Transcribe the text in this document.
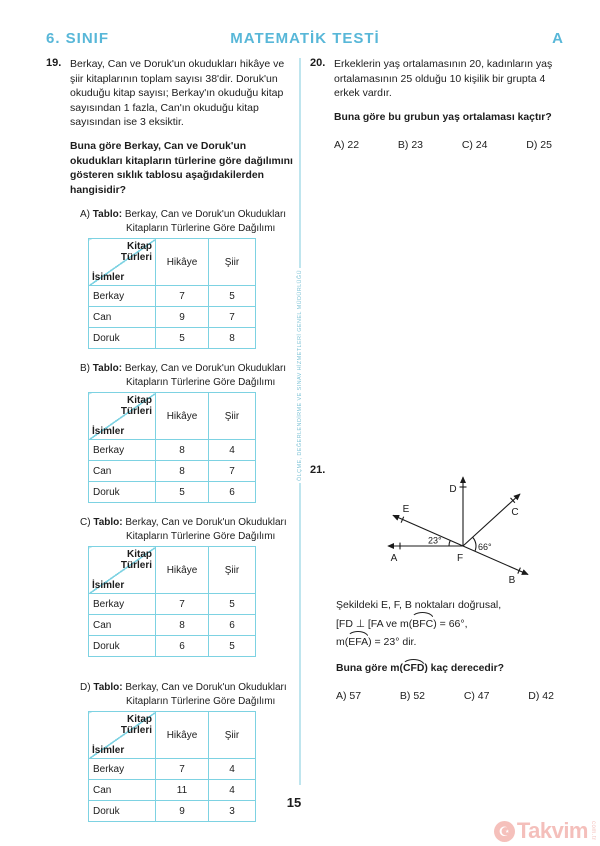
6. SINIF	MATEMATİK TESTİ	A
ÖLÇME, DEĞERLENDİRME VE SINAV HİZMETLERİ GENEL MÜDÜRLÜĞÜ
19. Berkay, Can ve Doruk'un okudukları hikâye ve şiir kitaplarının toplam sayısı 38'dir. Doruk'un okuduğu kitap sayısı; Berkay'ın okuduğu kitap sayısından 1 fazla, Can'ın okuduğu kitap sayısından ise 3 eksiktir.
Buna göre Berkay, Can ve Doruk'un okudukları kitapların türlerine göre dağılımını gösteren sıklık tablosu aşağıdakilerden hangisidir?
A) Tablo: Berkay, Can ve Doruk'un Okudukları
Kitapların Türlerine Göre Dağılımı
Kitap Türleri
İsimler	Hikâye	Şiir
Berkay	7	5
Can	9	7
Doruk	5	8
B) Tablo: Berkay, Can ve Doruk'un Okudukları
Kitapların Türlerine Göre Dağılımı
Kitap Türleri
İsimler	Hikâye	Şiir
Berkay	8	4
Can	8	7
Doruk	5	6
C) Tablo: Berkay, Can ve Doruk'un Okudukları
Kitapların Türlerine Göre Dağılımı
Kitap Türleri
İsimler	Hikâye	Şiir
Berkay	7	5
Can	8	6
Doruk	6	5
D) Tablo: Berkay, Can ve Doruk'un Okudukları
Kitapların Türlerine Göre Dağılımı
Kitap Türleri
İsimler	Hikâye	Şiir
Berkay	7	4
Can	11	4
Doruk	9	3
20. Erkeklerin yaş ortalamasının 20, kadınların yaş ortalamasının 25 olduğu 10 kişilik bir grupta 4 erkek vardır.
Buna göre bu grubun yaş ortalaması kaçtır?
A) 22	B) 23	C) 24	D) 25
21.
A
E
D
C
B
F
23°
66°
Şekildeki E, F, B noktaları doğrusal,
[FD ⊥ [FA ve m(BFC) = 66°,
m(EFA) = 23° dir.
Buna göre m(CFD) kaç derecedir?
A) 57	B) 52	C) 47	D) 42
15
☪ Takvim com.tr
